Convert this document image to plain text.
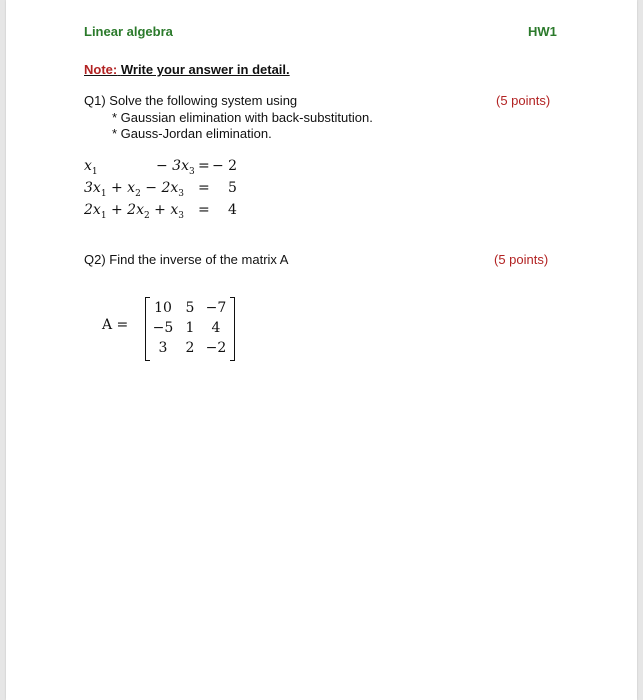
Linear algebra	HW1
Note: Write your answer in detail.
Q1) Solve the following system using
* Gaussian elimination with back-substitution.
* Gauss-Jordan elimination.
(5 points)
$x_1$	− $3x_3$ = − 2
$3x_1 + x_2 - 2x_3 = 5$
$2x_1 + 2x_2 + x_3 = 4$
Q2) Find the inverse of the matrix A	(5 points)
A =
10 5 −7
−5 1	4
3	2 −2
